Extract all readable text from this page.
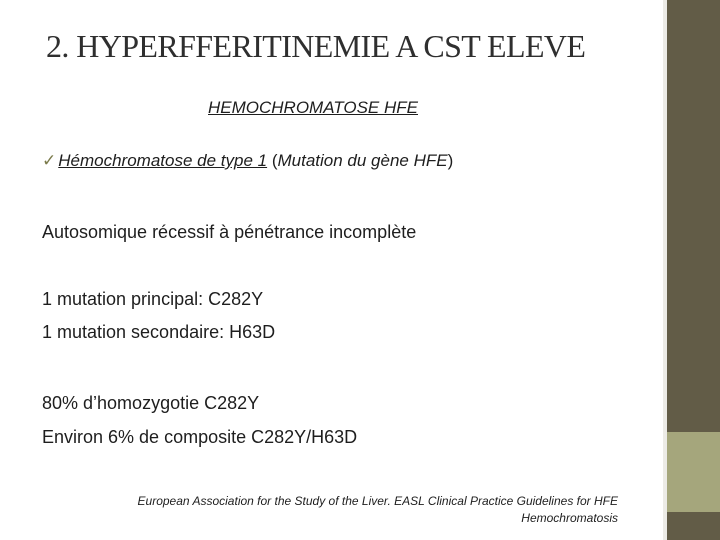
2. HYPERFFERITINEMIE A CST ELEVE
HEMOCHROMATOSE HFE
✓ Hémochromatose de type 1 (Mutation du gène HFE)
Autosomique récessif à pénétrance incomplète
1 mutation principal: C282Y
1 mutation secondaire: H63D
80% d’homozygotie C282Y
Environ 6% de composite C282Y/H63D
European Association for the Study of the Liver. EASL Clinical Practice Guidelines for HFE
Hemochromatosis
